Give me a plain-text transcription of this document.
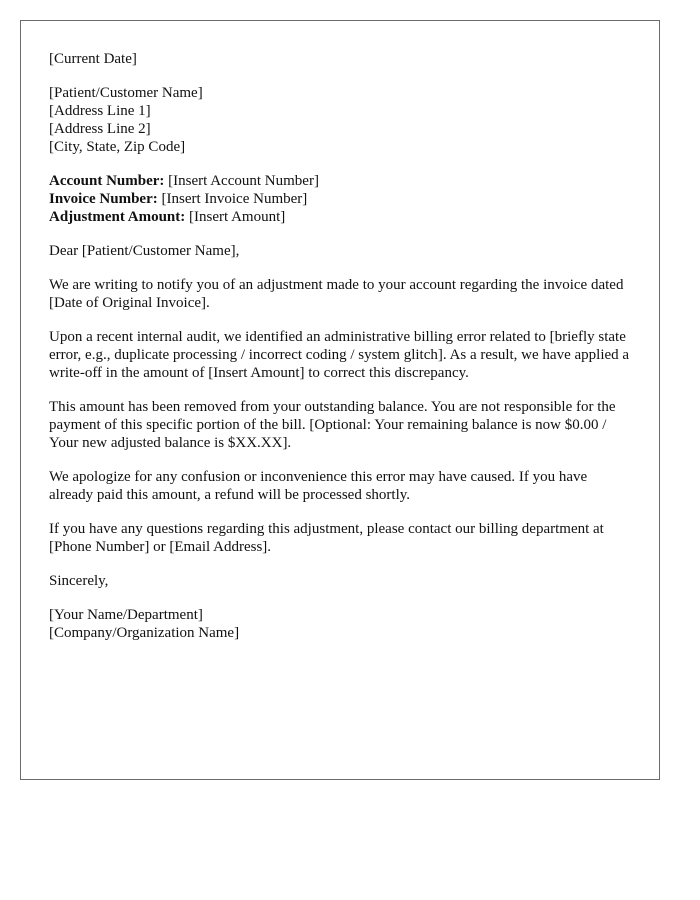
[Current Date]
[Patient/Customer Name]
[Address Line 1]
[Address Line 2]
[City, State, Zip Code]
Account Number: [Insert Account Number]
Invoice Number: [Insert Invoice Number]
Adjustment Amount: [Insert Amount]

Dear [Patient/Customer Name],

We are writing to notify you of an adjustment made to your account regarding the invoice dated [Date of Original Invoice].

Upon a recent internal audit, we identified an administrative billing error related to [briefly state error, e.g., duplicate processing / incorrect coding / system glitch]. As a result, we have applied a write-off in the amount of [Insert Amount] to correct this discrepancy.

This amount has been removed from your outstanding balance. You are not responsible for the payment of this specific portion of the bill. [Optional: Your remaining balance is now $0.00 / Your new adjusted balance is $XX.XX].

We apologize for any confusion or inconvenience this error may have caused. If you have already paid this amount, a refund will be processed shortly.

If you have any questions regarding this adjustment, please contact our billing department at [Phone Number] or [Email Address].

Sincerely,

[Your Name/Department]
[Company/Organization Name]
